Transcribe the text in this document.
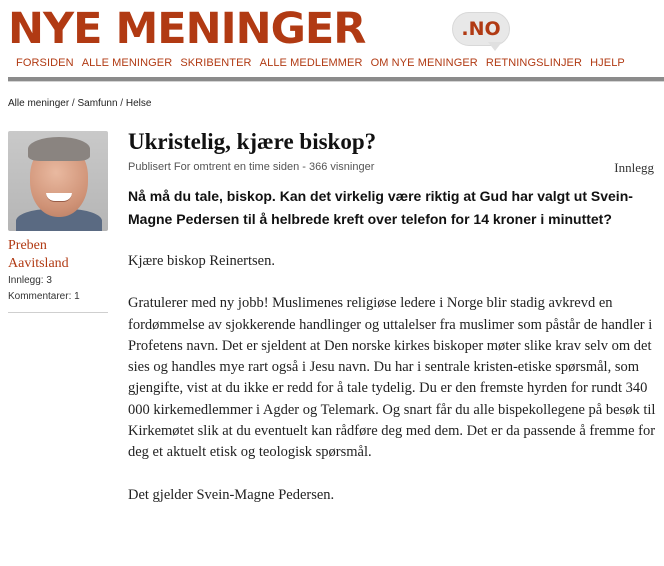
NYE MENINGER	.NO
FORSIDEN ALLE MENINGER SKRIBENTER ALLE MEDLEMMER OM NYE MENINGER RETNINGSLINJER HJELP
Alle meninger / Samfunn / Helse
Preben
Aavitsland
Innlegg: 3
Kommentarer: 1
Ukristelig, kjære biskop?
Publisert For omtrent en time siden - 366 visninger	Innlegg

Nå må du tale, biskop. Kan det virkelig være riktig at Gud har valgt ut Svein-Magne Pedersen til å helbrede kreft over telefon for 14 kroner i minuttet?

Kjære biskop Reinertsen.

Gratulerer med ny jobb! Muslimenes religiøse ledere i Norge blir stadig avkrevd en fordømmelse av sjokkerende handlinger og uttalelser fra muslimer som påstår de handler i Profetens navn. Det er sjeldent at Den norske kirkes biskoper møter slike krav selv om det sies og handles mye rart også i Jesu navn. Du har i sentrale kristen-etiske spørsmål, som gjengifte, vist at du ikke er redd for å tale tydelig. Du er den fremste hyrden for rundt 340 000 kirkemedlemmer i Agder og Telemark. Og snart får du alle bispekollegene på besøk til Kirkemøtet slik at du eventuelt kan rådføre deg med dem. Det er da passende å fremme for deg et aktuelt etisk og teologisk spørsmål.

Det gjelder Svein-Magne Pedersen.
